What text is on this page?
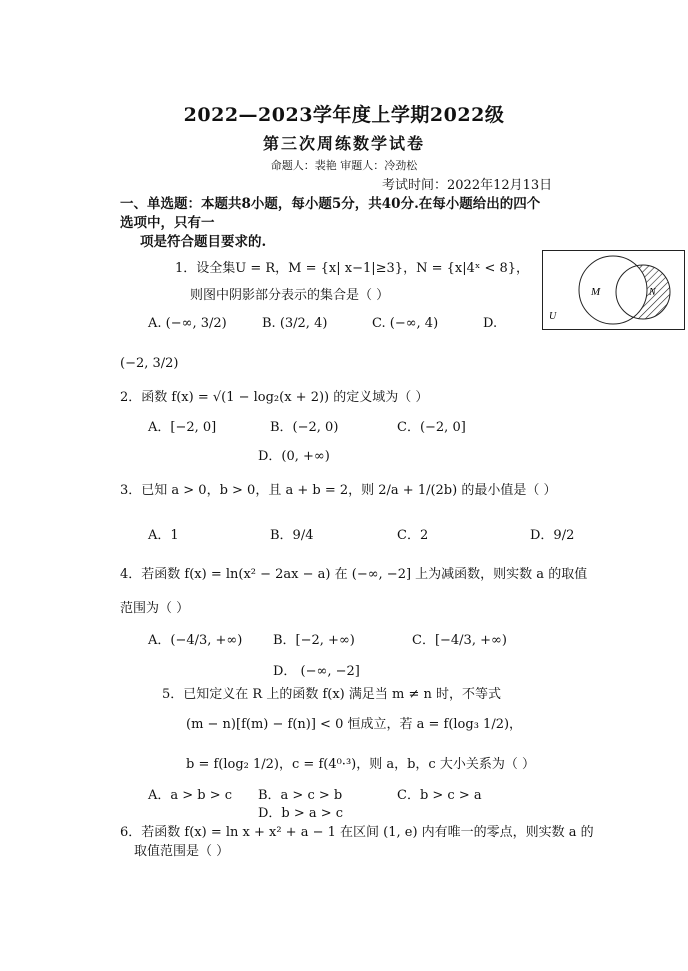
2022—2023学年度上学期2022级
第三次周练数学试卷
命题人：裴艳 审题人：冷劲松
考试时间：2022年12月13日
一、单选题：本题共8小题，每小题5分，共40分.在每小题给出的四个
选项中，只有一
项是符合题目要求的.
1．设全集U = R，M = {x| x−1|≥3}，N = {x|4ˣ < 8}，
则图中阴影部分表示的集合是（ ）
A. (−∞, 3/2)	B. (3/2, 4)	C. (−∞, 4)	D.
(−2, 3/2)
M	N
U
2．函数 f(x) = √(1 − log₂(x + 2)) 的定义域为（ ）
A．[−2, 0]	B．(−2, 0)	C．(−2, 0]
D．(0, +∞)
3．已知 a > 0，b > 0，且 a + b = 2，则 2/a + 1/(2b) 的最小值是（ ）
A．1	B．9/4	C．2	D．9/2
4．若函数 f(x) = ln(x² − 2ax − a) 在 (−∞, −2] 上为减函数，则实数 a 的取值
范围为（ ）
A．(−4/3, +∞) B．[−2, +∞)	C．[−4/3, +∞)
D． (−∞, −2]
5．已知定义在 R 上的函数 f(x) 满足当 m ≠ n 时，不等式
(m − n)[f(m) − f(n)] < 0 恒成立，若 a = f(log₃ 1/2)，
b = f(log₂ 1/2)，c = f(4⁰·³)，则 a，b，c 大小关系为（ ）
A．a > b > c B．a > c > b	C．b > c > a
D．b > a > c
6．若函数 f(x) = ln x + x² + a − 1 在区间 (1, e) 内有唯一的零点，则实数 a 的
取值范围是（ ）
